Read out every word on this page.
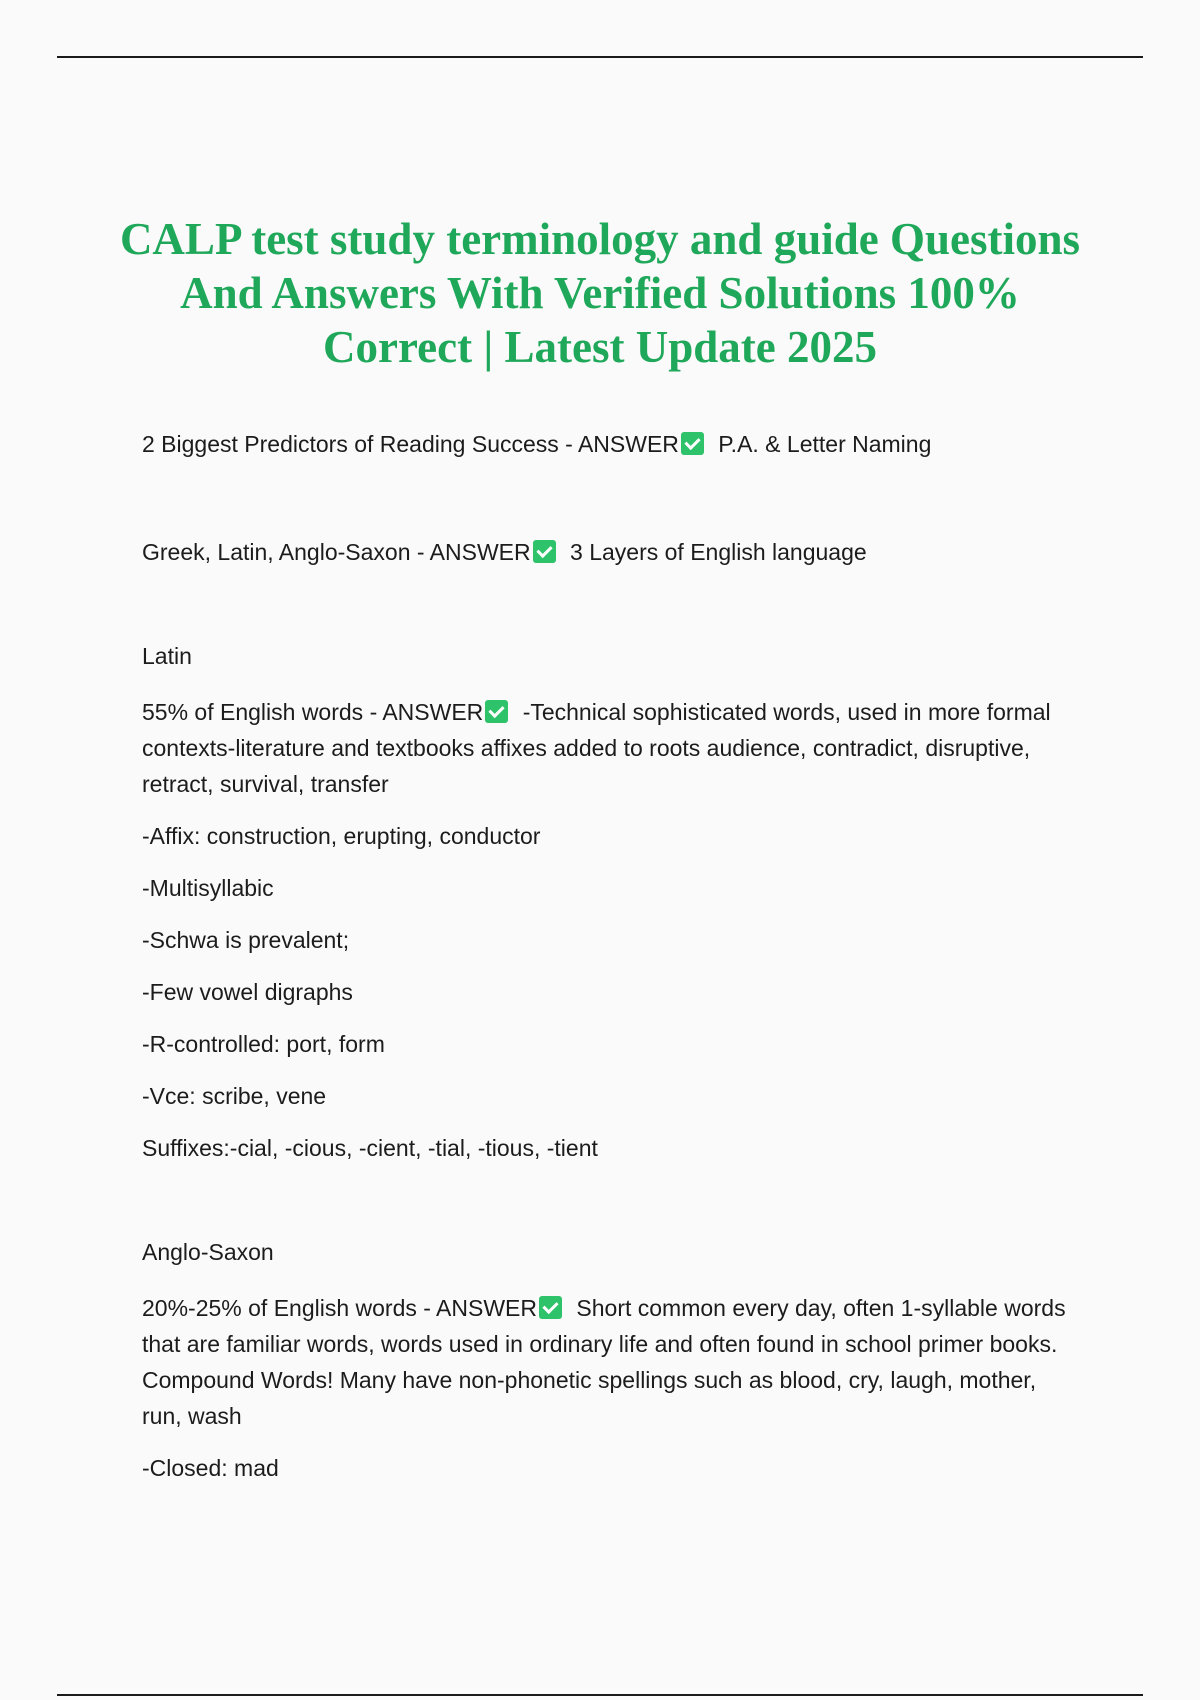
CALP test study terminology and guide Questions And Answers With Verified Solutions 100% Correct | Latest Update 2025

2 Biggest Predictors of Reading Success - ANSWER P.A. & Letter Naming

Greek, Latin, Anglo-Saxon - ANSWER 3 Layers of English language

Latin

55% of English words - ANSWER -Technical sophisticated words, used in more formal contexts-literature and textbooks affixes added to roots audience, contradict, disruptive, retract, survival, transfer

-Affix: construction, erupting, conductor

-Multisyllabic

-Schwa is prevalent;

-Few vowel digraphs

-R-controlled: port, form

-Vce: scribe, vene

Suffixes:-cial, -cious, -cient, -tial, -tious, -tient

Anglo-Saxon

20%-25% of English words - ANSWER Short common every day, often 1-syllable words that are familiar words, words used in ordinary life and often found in school primer books. Compound Words! Many have non-phonetic spellings such as blood, cry, laugh, mother, run, wash

-Closed: mad
